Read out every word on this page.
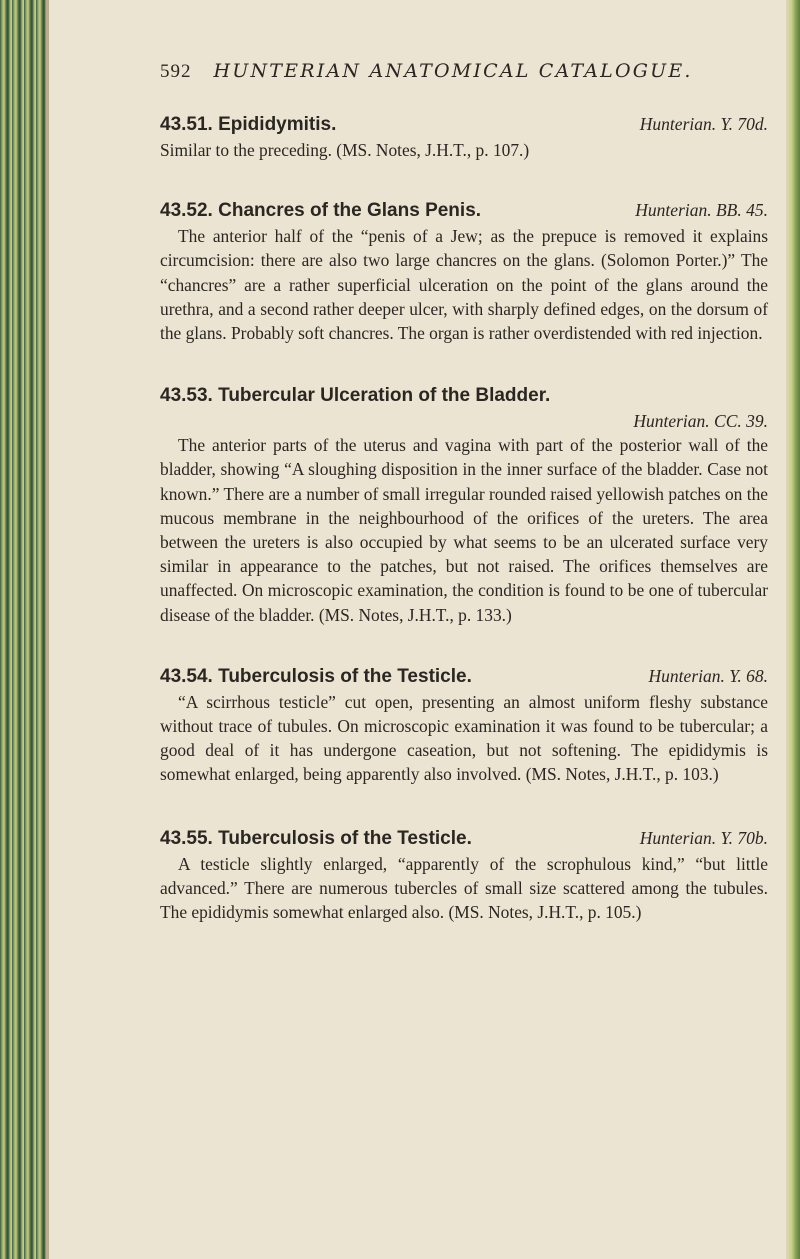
592 HUNTERIAN ANATOMICAL CATALOGUE.
43.51. Epididymitis.	Hunterian. Y. 70d.

Similar to the preceding. (MS. Notes, J.H.T., p. 107.)

43.52. Chancres of the Glans Penis.	Hunterian. BB. 45.

The anterior half of the “penis of a Jew; as the prepuce is removed it explains circumcision: there are also two large chancres on the glans. (Solomon Porter.)” The “chancres” are a rather superficial ulceration on the point of the glans around the urethra, and a second rather deeper ulcer, with sharply defined edges, on the dorsum of the glans. Probably soft chancres. The organ is rather overdistended with red injection.

43.53. Tubercular Ulceration of the Bladder.
Hunterian. CC. 39.

The anterior parts of the uterus and vagina with part of the posterior wall of the bladder, showing “A sloughing disposition in the inner surface of the bladder. Case not known.” There are a number of small irregular rounded raised yellowish patches on the mucous membrane in the neighbourhood of the orifices of the ureters. The area between the ureters is also occupied by what seems to be an ulcerated surface very similar in appearance to the patches, but not raised. The orifices themselves are unaffected. On microscopic examination, the condition is found to be one of tubercular disease of the bladder. (MS. Notes, J.H.T., p. 133.)

43.54. Tuberculosis of the Testicle.	Hunterian. Y. 68.

“A scirrhous testicle” cut open, presenting an almost uniform fleshy substance without trace of tubules. On microscopic examination it was found to be tubercular; a good deal of it has undergone caseation, but not softening. The epididymis is somewhat enlarged, being apparently also involved. (MS. Notes, J.H.T., p. 103.)

43.55. Tuberculosis of the Testicle.	Hunterian. Y. 70b.

A testicle slightly enlarged, “apparently of the scrophulous kind,” “but little advanced.” There are numerous tubercles of small size scattered among the tubules. The epididymis somewhat enlarged also. (MS. Notes, J.H.T., p. 105.)
